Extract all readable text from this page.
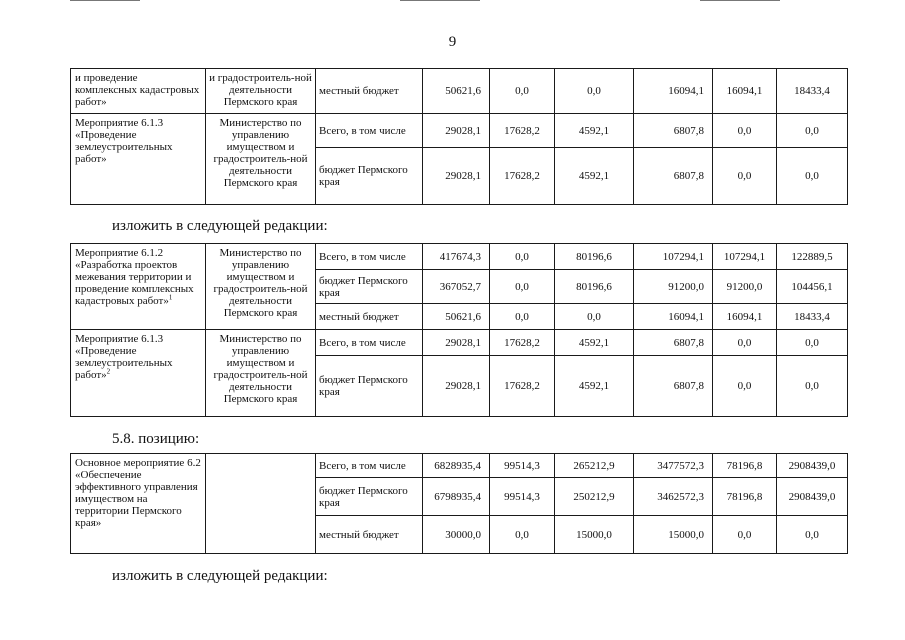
9
и проведение комплексных кадастровых работ»	и градостроитель-ной деятельности Пермского края	местный бюджет	50621,6	0,0	0,0	16094,1	16094,1	18433,4
Мероприятие 6.1.3 «Проведение землеустроительных работ»	Министерство по управлению имуществом и градостроитель-ной деятельности Пермского края	Всего, в том числе	29028,1	17628,2	4592,1	6807,8	0,0	0,0
		бюджет Пермского края	29028,1	17628,2	4592,1	6807,8	0,0	0,0
изложить в следующей редакции:
Мероприятие 6.1.2 «Разработка проектов межевания территории и проведение комплексных кадастровых работ»$^1$	Министерство по управлению имуществом и градостроитель-ной деятельности Пермского края	Всего, в том числе	417674,3	0,0	80196,6	107294,1	107294,1	122889,5
		бюджет Пермского края	367052,7	0,0	80196,6	91200,0	91200,0	104456,1
		местный бюджет	50621,6	0,0	0,0	16094,1	16094,1	18433,4
Мероприятие 6.1.3 «Проведение землеустроительных работ»$^2$	Министерство по управлению имуществом и градостроитель-ной деятельности Пермского края	Всего, в том числе	29028,1	17628,2	4592,1	6807,8	0,0	0,0
		бюджет Пермского края	29028,1	17628,2	4592,1	6807,8	0,0	0,0
5.8. позицию:
Основное мероприятие 6.2 «Обеспечение эффективного управления имуществом на территории Пермского края»		Всего, в том числе	6828935,4	99514,3	265212,9	3477572,3	78196,8	2908439,0
		бюджет Пермского края	6798935,4	99514,3	250212,9	3462572,3	78196,8	2908439,0
		местный бюджет	30000,0	0,0	15000,0	15000,0	0,0	0,0
изложить в следующей редакции:
